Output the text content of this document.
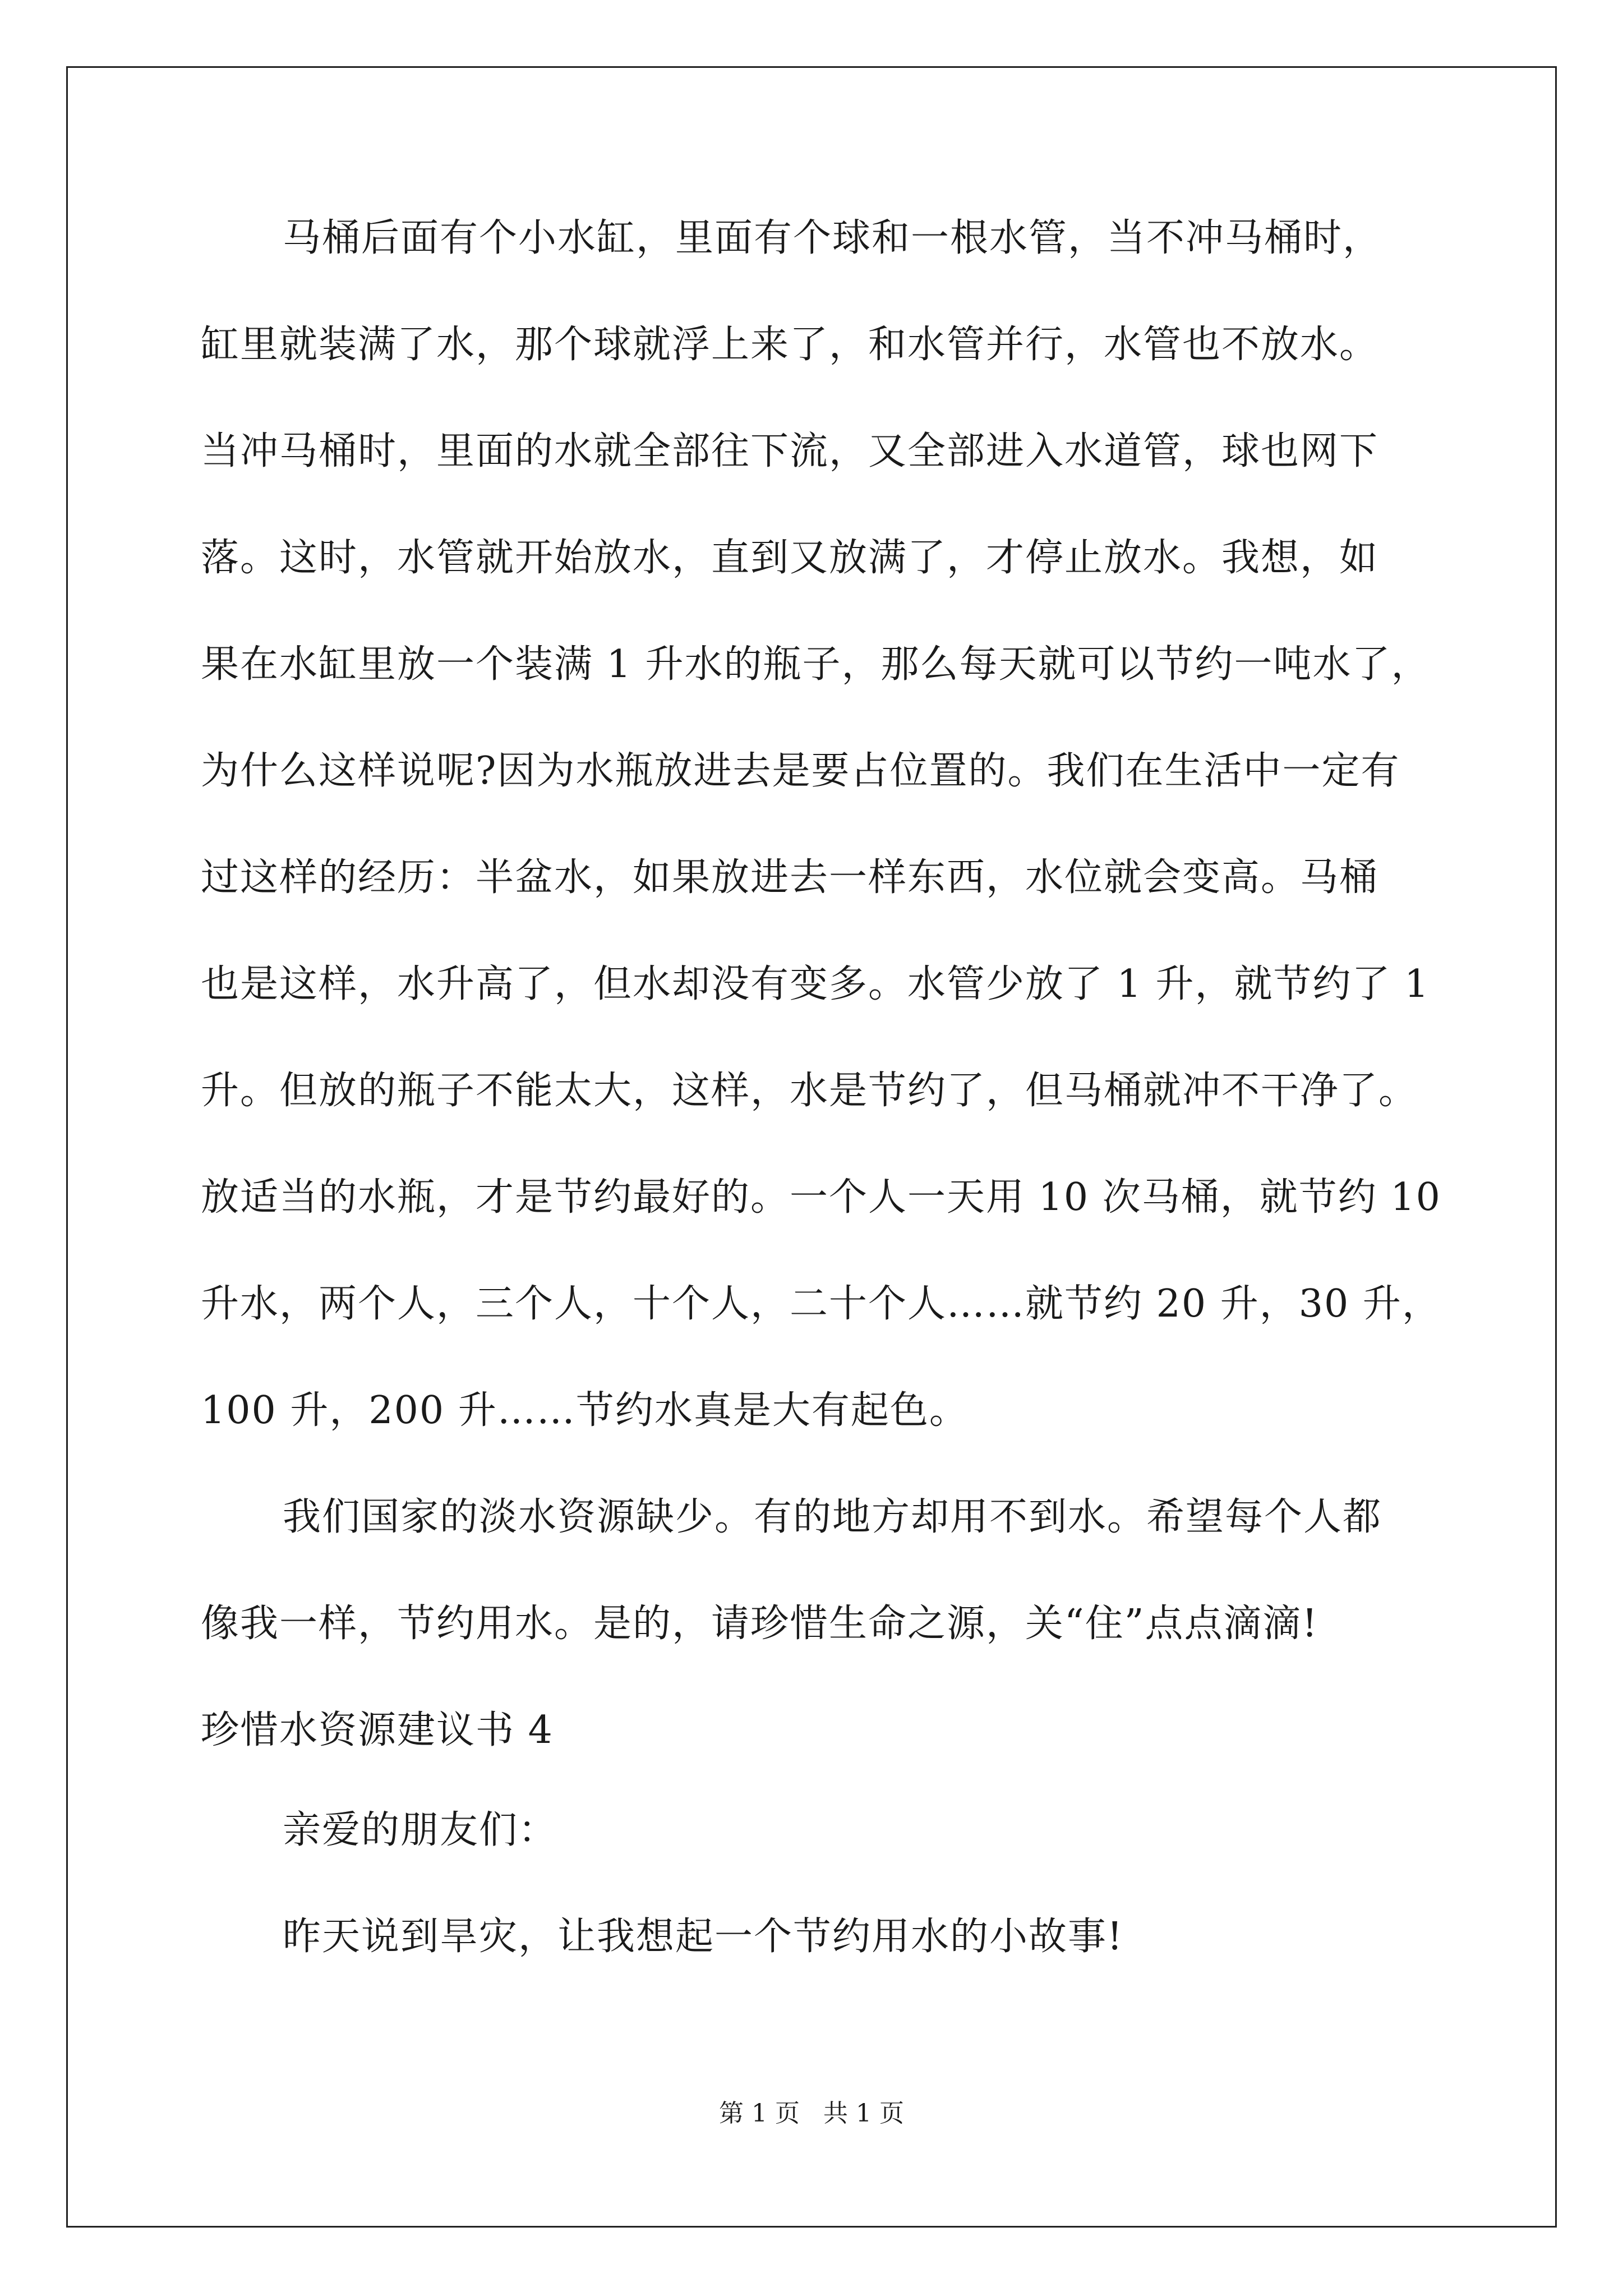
马桶后面有个小水缸，里面有个球和一根水管，当不冲马桶时，
缸里就装满了水，那个球就浮上来了，和水管并行，水管也不放水。
当冲马桶时，里面的水就全部往下流，又全部进入水道管，球也网下
落。这时，水管就开始放水，直到又放满了，才停止放水。我想，如
果在水缸里放一个装满 1 升水的瓶子，那么每天就可以节约一吨水了，
为什么这样说呢?因为水瓶放进去是要占位置的。我们在生活中一定有
过这样的经历：半盆水，如果放进去一样东西，水位就会变高。马桶
也是这样，水升高了，但水却没有变多。水管少放了 1 升，就节约了 1
升。但放的瓶子不能太大，这样，水是节约了，但马桶就冲不干净了。
放适当的水瓶，才是节约最好的。一个人一天用 10 次马桶，就节约 10
升水，两个人，三个人，十个人，二十个人……就节约 20 升，30 升，
100 升，200 升……节约水真是大有起色。
我们国家的淡水资源缺少。有的地方却用不到水。希望每个人都
像我一样，节约用水。是的，请珍惜生命之源，关“住”点点滴滴!
珍惜水资源建议书 4
亲爱的朋友们：
昨天说到旱灾，让我想起一个节约用水的小故事!
第 1 页   共 1 页
